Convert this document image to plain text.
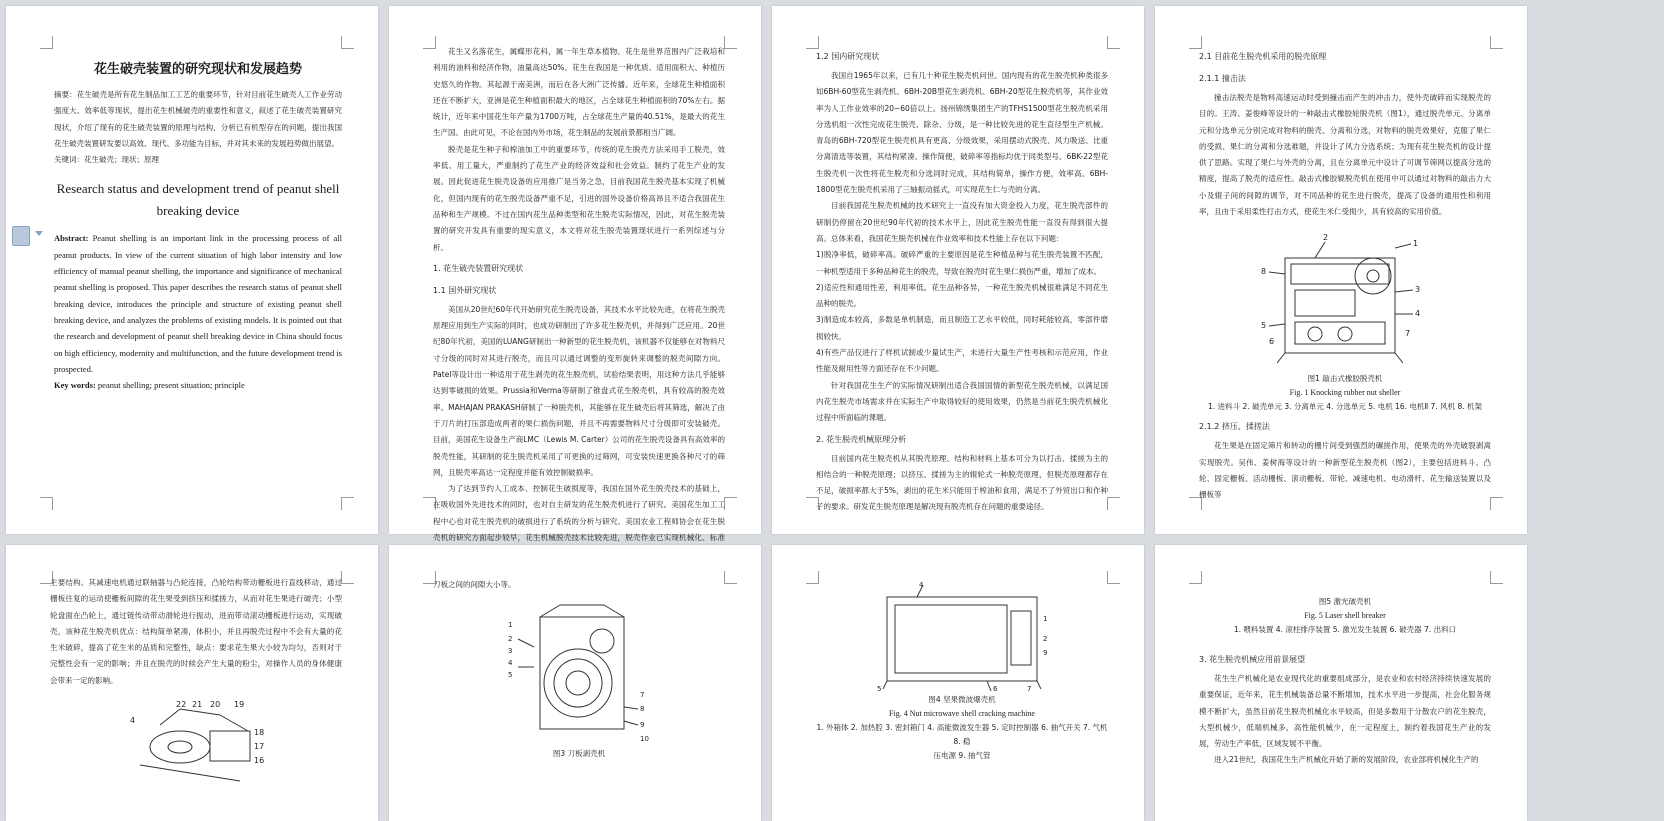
花生破壳装置的研究现状和发展趋势

摘要：花生破壳是所有花生制品加工工艺的重要环节，针对目前花生破壳人工作业劳动强度大、效率低等现状，提出花生机械破壳的重要性和意义，叙述了花生破壳装置研究现状，介绍了现有的花生破壳装置的原理与结构，分析已有机型存在的问题，提出我国花生破壳装置研发要以高效、现代、多功能为目标，并对其未来的发展趋势做出展望。

关键词：花生破壳；现状；原理

Research status and development trend of peanut shell breaking device

Abstract: Peanut shelling is an important link in the processing process of all peanut products. In view of the current situation of high labor intensity and low efficiency of manual peanut shelling, the importance and significance of mechanical peanut shelling is proposed. This paper describes the research status of peanut shell breaking device, introduces the principle and structure of existing peanut shell breaking device, and analyzes the problems of existing models. It is pointed out that the research and development of peanut shell breaking device in China should focus on high efficiency, modernity and multifunction, and the future development trend is prospected.

Key words: peanut shelling; present situation; principle

花生又名落花生，属蝶形花科，属一年生草本植物。花生是世界范围内广泛栽培和利用的油料和经济作物，油量高达50%。花生在我国是一种优质、适用面积大、种植历史悠久的作物。其起源于南美洲，而后在各大洲广泛传播。近年来，全球花生种植面积还在不断扩大，亚洲是花生种植面积最大的地区，占全球花生种植面积的70%左右。据统计，近年来中国花生年产量为1700万吨，占全球花生产量的40.51%，是最大的花生生产国。由此可见，不论在国内外市场，花生制品的发展前景都相当广阔。

脱壳是花生种子和榨油加工中的重要环节，传统的花生脱壳方法采用手工脱壳，效率低、用工量大，严重制约了花生产业的经济效益和社会效益。制约了花生产业的发展。因此促进花生脱壳设备的应用推广是当务之急，目前我国花生脱壳基本实现了机械化，但国内现有的花生脱壳设备严重不足，引进的国外设备价格高昂且不适合我国花生品种和生产规模。不过在国内花生品种类型和花生脱壳实际情况，因此，对花生脱壳装置的研究开发具有重要的现实意义，本文将对花生脱壳装置现状进行一系列综述与分析。

1. 花生破壳装置研究现状
1.1 国外研究现状

美国从20世纪60年代开始研究花生脱壳设备，其技术水平比较先进，在将花生脱壳原理应用到生产实际的同时，也成功研制出了许多花生脱壳机，并得到广泛应用。20世纪80年代初，美国的LUANG研制出一种新型的花生脱壳机，该机器不仅能够在对物料尺寸分级的同时对其进行脱壳，而且可以通过调整的变形旋转来调整的脱壳间隙方向。Patel等设计出一种适用于花生剥壳的花生脱壳机，试验结果表明，用这种方法几乎能够达到零破损的效果。Prussia和Verma等研制了锥盘式花生脱壳机，具有较高的脱壳效率。MAHAJAN PRAKASH研制了一种脱壳机，其能够在花生破壳后将其筛选，解决了由于刀片的打压部造成两者的果仁损伤问题，并且不再需要物料尺寸分级即可安装破壳。目前，美国花生设备生产商LMC（Lewis M. Carter）公司的花生脱壳设备具有高效率的脱壳性能，其研制的花生脱壳机采用了可更换的过筛网，可安装快速更换各种尺寸的筛网，且脱壳率高达一定程度并能有效控制破损率。

为了达到节约人工成本、控制花生破损度等，我国在国外花生脱壳技术的基础上，在吸收国外先进技术的同时，也对自主研发的花生脱壳机进行了研究。美国花生加工工程中心也对花生脱壳机的破损进行了系统的分析与研究。美国农业工程师协会在花生脱壳机的研究方面起步较早，花生机械脱壳技术比较先进，脱壳作业已实现机械化、标准

1.2 国内研究现状

我国自1965年以来，已有几十种花生脱壳机问世。国内现有的花生脱壳机种类很多如6BH-60型花生剥壳机、6BH-20B型花生剥壳机、6BH-20型花生脱壳机等，其作业效率为人工作业效率的20~60倍以上。扬州锦绣集团生产的TFHS1500型花生脱壳机采用分选机组一次性完成花生脱壳、除杂、分级，是一种比较先进的花生直径型生产机械。青岛的6BH-720型花生脱壳机具有更高、分级效果，采用摆动式脱壳、风力吸送、比重分离清选等装置，其结构紧凑、操作简便，破碎率等指标均优于同类型号。6BK-22型花生脱壳机一次性将花生脱壳和分选同时完成，其结构简单，操作方便，效率高。6BH-1800型花生脱壳机采用了三轴振动摇式，可实现花生仁与壳的分离。

目前我国花生脱壳机械的技术研究上一直没有加大资金投入力度，花生脱壳部件的研制仍停留在20世纪90年代初的技术水平上，因此花生脱壳性能一直没有得到很大提高。总体来看，我国花生脱壳机械在作业效率和技术性能上存在以下问题：

1)脱净率低，破碎率高。破碎严重的主要原因是花生种植品种与花生脱壳装置不匹配，一种机型适用于多种品种花生的脱壳，导致在脱壳时花生果仁损伤严重，增加了成本。

2)适应性和通用性差，利用率低。花生品种各异，一种花生脱壳机械很难满足不同花生品种的脱壳。

3)制造成本较高，多数是单机制造，而且制造工艺水平较低，同时耗能较高，零部件磨损较快。

4)有些产品仅进行了样机试制或少量试生产，未进行大量生产性考核和示范应用，作业性能及耐用性等方面还存在不少问题。

针对我国花生生产的实际情况研制出适合我国国情的新型花生脱壳机械，以满足国内花生脱壳市场需求并在实际生产中取得较好的使用效果，仍然是当前花生脱壳机械化过程中所面临的课题。

2. 花生脱壳机械原理分析

目前国内花生脱壳机从其脱壳原理、结构和材料上基本可分为以打击、揉搓为主的相结合的一种脱壳原理；以挤压、揉搓为主的辊轮式一种脱壳原理，但脱壳原理都存在不足，破损率都大于5%，剥出的花生米只能用于榨油和食用，满足不了外贸出口和作种子的要求。研发花生脱壳原理是解决现有脱壳机存在问题的重要途径。

2.1 目前花生脱壳机采用的脱壳原理
2.1.1 撞击法

撞击法脱壳是物料高速运动时受到撞击而产生的冲击力，使外壳破碎而实现脱壳的目的。王涛、姜俊峰等设计的一种敲击式橡胶轮脱壳机（图1），通过脱壳单元、分离单元和分选单元分别完成对物料的脱壳、分离和分选，对物料的脱壳效果好，克服了果仁的受损、果仁的分离和分选难题，并设计了风力分选系统；为现有花生脱壳机的设计提供了思路。实现了果仁与外壳的分离，且在分离单元中设计了可调节筛网以提高分选的精度，提高了脱壳的适应性。敲击式橡胶辊脱壳机在使用中可以通过对物料的敲击力大小及辊子间的间隙的调节，对不同品种的花生进行脱壳，提高了设备的通用性和利用率，且由于采用柔性打击方式，使花生米仁受损少，具有较高的实用价值。

2
1
3
4
8
5
6
7
图1 敲击式橡胶脱壳机
Fig. 1 Knocking rubber nut sheller
1. 进料斗 2. 破壳单元 3. 分离单元 4. 分选单元 5. 电机 16. 电机Ⅱ 7. 风机 8. 机架
2.1.2 挤压、揉搓法

花生果是在固定筛片和转动的栅片间受到强烈的碾搓作用，使果壳的外壳破裂剥离实现脱壳。吴伟、姜树海等设计的一种新型花生脱壳机（图2），主要包括进料斗、凸轮、固定栅板、活动栅板、滚动栅板、带轮、减速电机、电动滑杆、花生输送装置以及栅板等

主要结构。其减速电机通过联轴器与凸轮连接，凸轮结构带动栅板进行直线移动，通过栅板往复的运动使栅板间隙的花生果受到挤压和揉搓力，从而对花生果进行破壳；小型轮盘面在凸轮上，通过链传动带动滑轮进行振动，进而带动滚动栅板进行运动，实现破壳，该种花生脱壳机优点：结构简单紧凑，体积小，并且再脱壳过程中不会有大量的花生米破碎，提高了花生米的品质和完整性，缺点：要求花生果大小较为均匀，否则对于完整性会有一定的影响；并且在脱壳的时候会产生大量的粉尘，对操作人员的身体健康会带来一定的影响。

4
22 21 20 19
18
17
16

刀板之间的间隙大小等。

1
2
3
4
5
7
8
9
10
图3 刀板剥壳机
4
1
2
9
5	6	7
图4 坚果微波爆壳机
Fig. 4 Nut microwave shell cracking machine
1. 外箱体 2. 加热腔 3. 密封箱门 4. 高能微波发生器 5. 定时控制器 6. 抽气开关 7. 气机 8. 稳
压电源 9. 抽气管
图5 激光破壳机
Fig. 5 Laser shell breaker
1. 喂料装置 4. 滚柱排序装置 5. 激光发生装置 6. 破壳器 7. 出料口
3. 花生脱壳机械应用前景展望

花生生产机械化是农业现代化的重要组成部分，是农业和农村经济持续快速发展的重要保证，近年来，花生机械装备总量不断增加，技术水平进一步提高，社会化服务规模不断扩大，虽然目前花生脱壳机械化水平较高，但是多数用于分散农户的花生脱壳，大型机械少，低端机械多，高性能机械少，在一定程度上，制约着我国花生产业的发展，劳动生产率低，区域发展不平衡。

进入21世纪，我国花生生产机械化开始了新的发展阶段，农业部将机械化生产的
